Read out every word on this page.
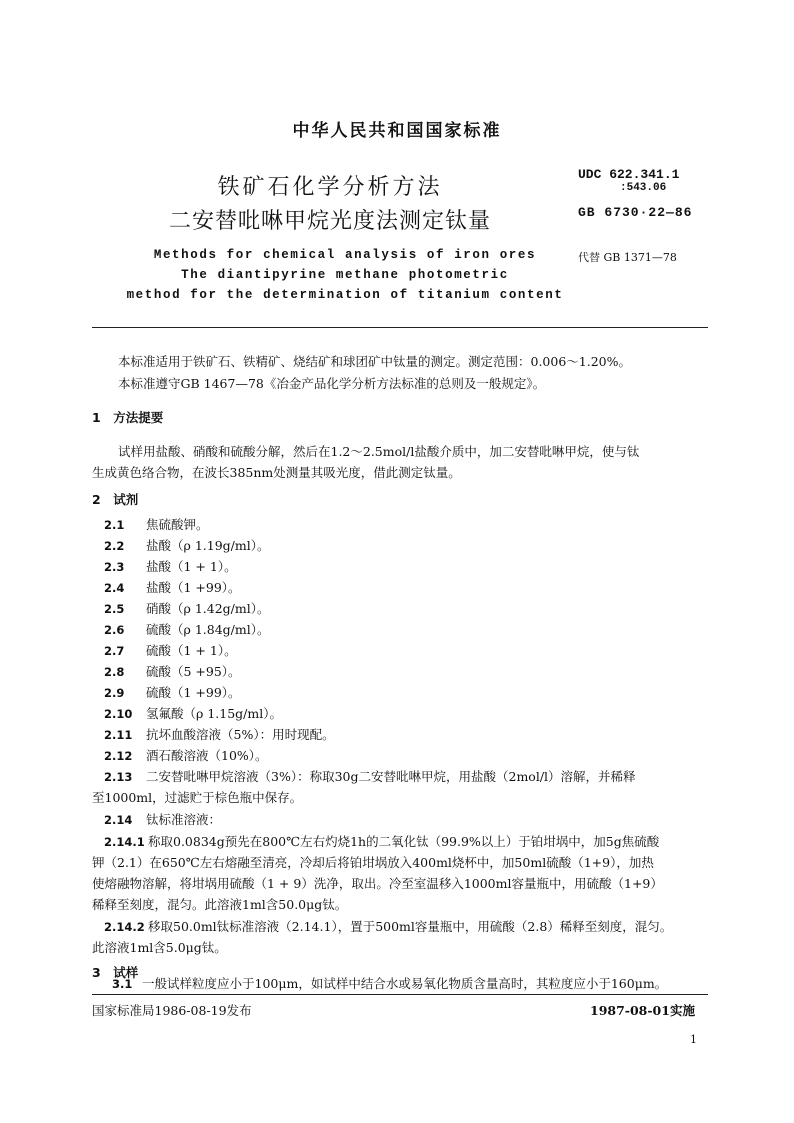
中华人民共和国国家标准
铁矿石化学分析方法
二安替吡啉甲烷光度法测定钛量
Methods for chemical analysis of iron ores
The diantipyrine methane photometric
method for the determination of titanium content
UDC 622.341.1
:543.06
GB 6730·22—86
代替 GB 1371—78
本标准适用于铁矿石、铁精矿、烧结矿和球团矿中钛量的测定。测定范围：0.006～1.20%。
本标准遵守GB 1467—78《冶金产品化学分析方法标准的总则及一般规定》。
1　方法提要
试样用盐酸、硝酸和硫酸分解，然后在1.2～2.5mol/l盐酸介质中，加二安替吡啉甲烷，使与钛
生成黄色络合物，在波长385nm处测量其吸光度，借此测定钛量。
2　试剂
2.1 焦硫酸钾。
2.2 盐酸（ρ 1.19g/ml）。
2.3 盐酸（1 + 1）。
2.4 盐酸（1 +99）。
2.5 硝酸（ρ 1.42g/ml）。
2.6 硫酸（ρ 1.84g/ml）。
2.7 硫酸（1 + 1）。
2.8 硫酸（5 +95）。
2.9 硫酸（1 +99）。
2.10 氢氟酸（ρ 1.15g/ml）。
2.11 抗坏血酸溶液（5%）：用时现配。
2.12 酒石酸溶液（10%）。
2.13 二安替吡啉甲烷溶液（3%）：称取30g二安替吡啉甲烷，用盐酸（2mol/l）溶解，并稀释
至1000ml，过滤贮于棕色瓶中保存。
2.14 钛标准溶液：
2.14.1 称取0.0834g预先在800℃左右灼烧1h的二氧化钛（99.9%以上）于铂坩埚中，加5g焦硫酸
钾（2.1）在650℃左右熔融至清亮，冷却后将铂坩埚放入400ml烧杯中，加50ml硫酸（1+9），加热
使熔融物溶解，将坩埚用硫酸（1 + 9）洗净，取出。冷至室温移入1000ml容量瓶中，用硫酸（1+9）
稀释至刻度，混匀。此溶液1ml含50.0μg钛。
2.14.2 移取50.0ml钛标准溶液（2.14.1），置于500ml容量瓶中，用硫酸（2.8）稀释至刻度，混匀。
此溶液1ml含5.0μg钛。
3　试样
3.1 一般试样粒度应小于100μm，如试样中结合水或易氧化物质含量高时，其粒度应小于160μm。
国家标准局1986-08-19发布	1987-08-01实施
1
